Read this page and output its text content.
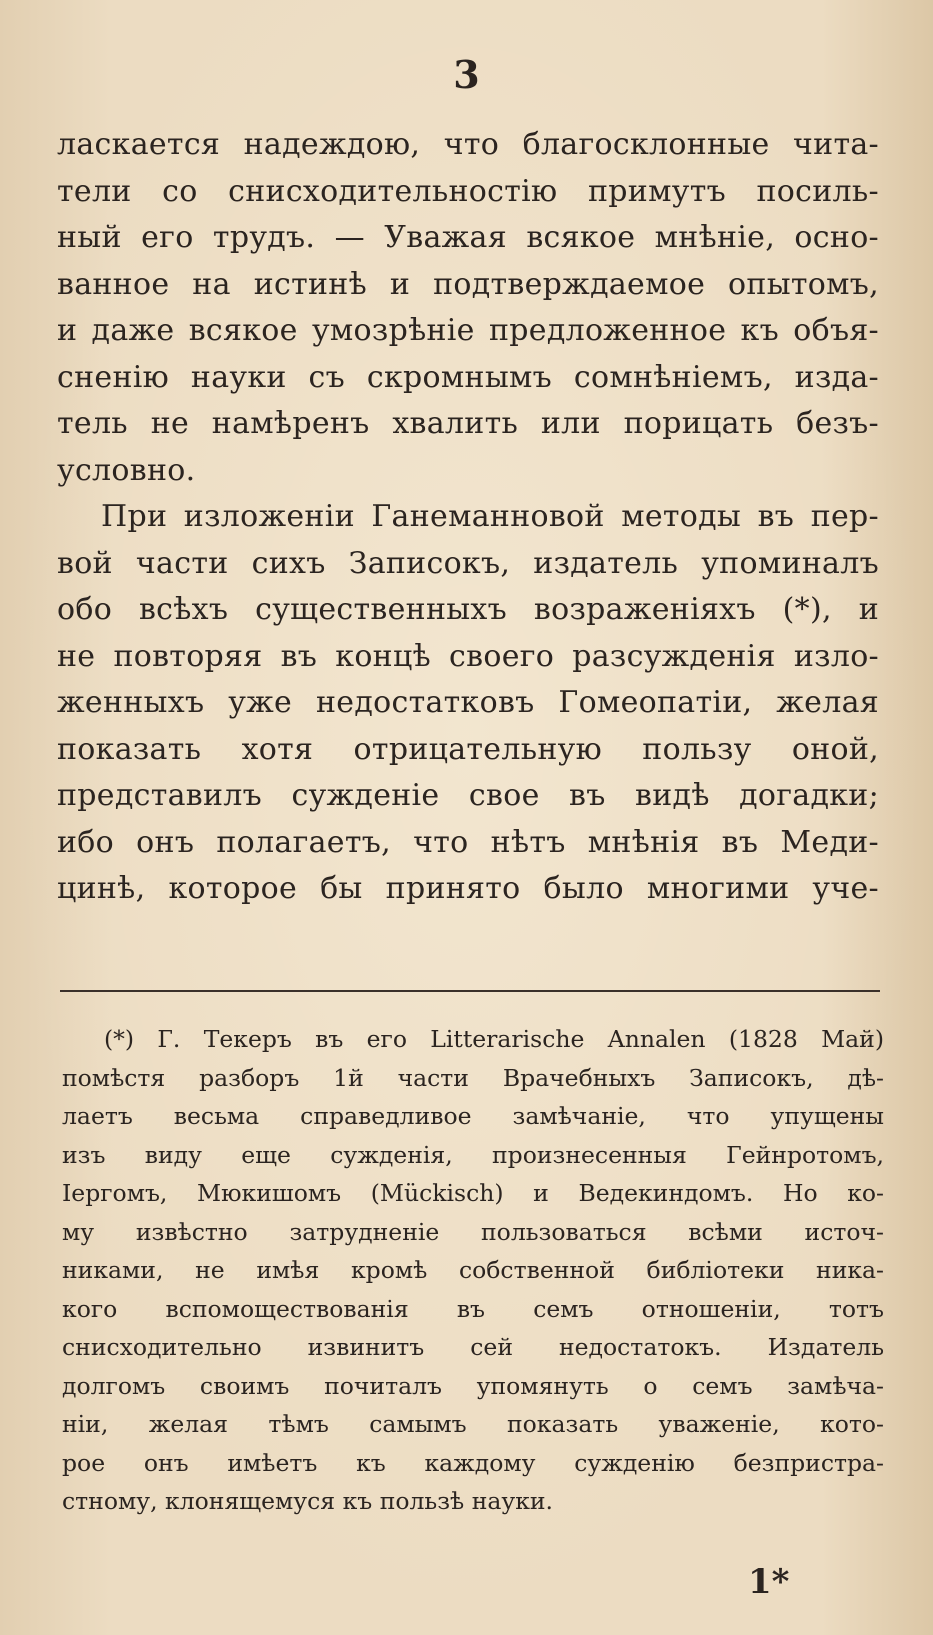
3
ласкается надеждою, что благосклонные чита-
тели со снисходительностію примутъ посиль-
ный его трудъ. — Уважая всякое мнѣніе, осно-
ванное на истинѣ и подтверждаемое опытомъ,
и даже всякое умозрѣніе предложенное къ объя-
сненію науки съ скромнымъ сомнѣніемъ, изда-
тель не намѣренъ хвалить или порицать безъ-
условно.
При изложеніи Ганеманновой методы въ пер-
вой части сихъ Записокъ, издатель упоминалъ
обо всѣхъ существенныхъ возраженіяхъ (*), и
не повторяя въ концѣ своего разсужденія изло-
женныхъ уже недостатковъ Гомеопатіи, желая
показать хотя отрицательную пользу оной,
представилъ сужденіе свое въ видѣ догадки;
ибо онъ полагаетъ, что нѣтъ мнѣнія въ Меди-
цинѣ, которое бы принято было многими уче-
(*) Г. Текеръ въ его Litterarische Annalen (1828 Май)
помѣстя разборъ 1й части Врачебныхъ Записокъ, дѣ-
лаетъ весьма справедливое замѣчаніе, что упущены
изъ виду еще сужденія, произнесенныя Гейнротомъ,
Іергомъ, Мюкишомъ (Mückisch) и Ведекиндомъ. Но ко-
му извѣстно затрудненіе пользоваться всѣми источ-
никами, не имѣя кромѣ собственной библіотеки ника-
кого вспомоществованія въ семъ отношеніи, тотъ
снисходительно извинитъ сей недостатокъ. Издатель
долгомъ своимъ почиталъ упомянуть о семъ замѣча-
ніи, желая тѣмъ самымъ показать уваженіе, кото-
рое онъ имѣетъ къ каждому сужденію безпристра-
стному, клонящемуся къ пользѣ науки.
1*
